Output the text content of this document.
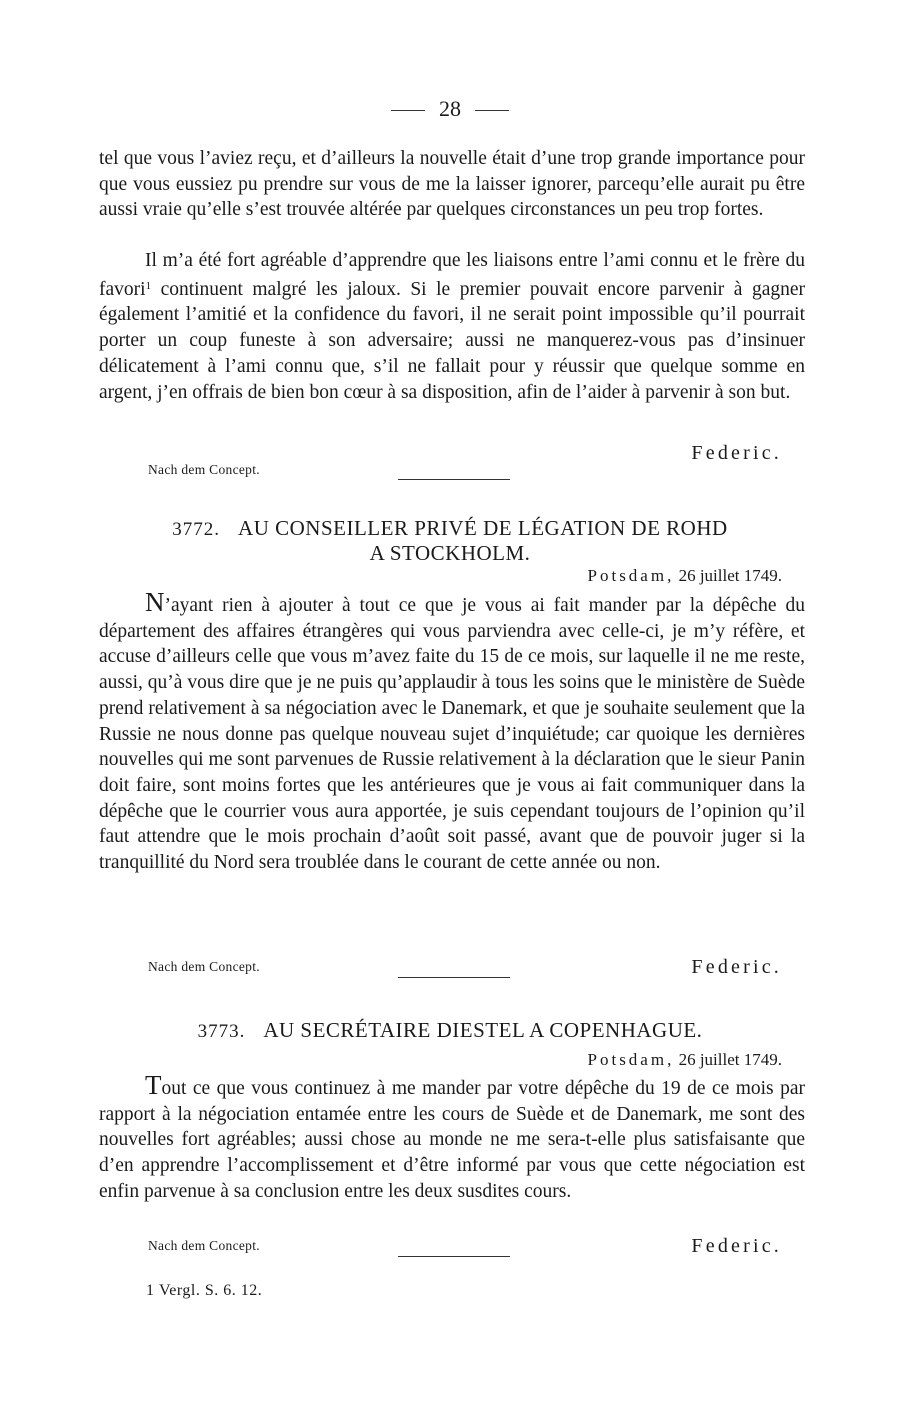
28

tel que vous l’aviez reçu, et d’ailleurs la nouvelle était d’une trop grande importance pour que vous eussiez pu prendre sur vous de me la laisser ignorer, parcequ’elle aurait pu être aussi vraie qu’elle s’est trouvée altérée par quelques circonstances un peu trop fortes.

Il m’a été fort agréable d’apprendre que les liaisons entre l’ami connu et le frère du favori$^1$ continuent malgré les jaloux. Si le premier pouvait encore parvenir à gagner également l’amitié et la confidence du favori, il ne serait point impossible qu’il pourrait porter un coup funeste à son adversaire; aussi ne manquerez-vous pas d’insinuer délicatement à l’ami connu que, s’il ne fallait pour y réussir que quelque somme en argent, j’en offrais de bien bon cœur à sa disposition, afin de l’aider à parvenir à son but.

Federic.
Nach dem Concept.
3772. AU CONSEILLER PRIVÉ DE LÉGATION DE ROHD
A STOCKHOLM.
Potsdam, 26 juillet 1749.

N’ayant rien à ajouter à tout ce que je vous ai fait mander par la dépêche du département des affaires étrangères qui vous parviendra avec celle-ci, je m’y réfère, et accuse d’ailleurs celle que vous m’avez faite du 15 de ce mois, sur laquelle il ne me reste, aussi, qu’à vous dire que je ne puis qu’applaudir à tous les soins que le ministère de Suède prend relativement à sa négociation avec le Danemark, et que je souhaite seulement que la Russie ne nous donne pas quelque nouveau sujet d’inquiétude; car quoique les dernières nouvelles qui me sont parvenues de Russie relativement à la déclaration que le sieur Panin doit faire, sont moins fortes que les antérieures que je vous ai fait communiquer dans la dépêche que le courrier vous aura apportée, je suis cependant toujours de l’opinion qu’il faut attendre que le mois prochain d’août soit passé, avant que de pouvoir juger si la tranquillité du Nord sera troublée dans le courant de cette année ou non.

Nach dem Concept.	Federic.
3773. AU SECRÉTAIRE DIESTEL A COPENHAGUE.
Potsdam, 26 juillet 1749.

Tout ce que vous continuez à me mander par votre dépêche du 19 de ce mois par rapport à la négociation entamée entre les cours de Suède et de Danemark, me sont des nouvelles fort agréables; aussi chose au monde ne me sera-t-elle plus satisfaisante que d’en apprendre l’accomplissement et d’être informé par vous que cette négociation est enfin parvenue à sa conclusion entre les deux susdites cours.

Nach dem Concept.	Federic.
1 Vergl. S. 6. 12.
